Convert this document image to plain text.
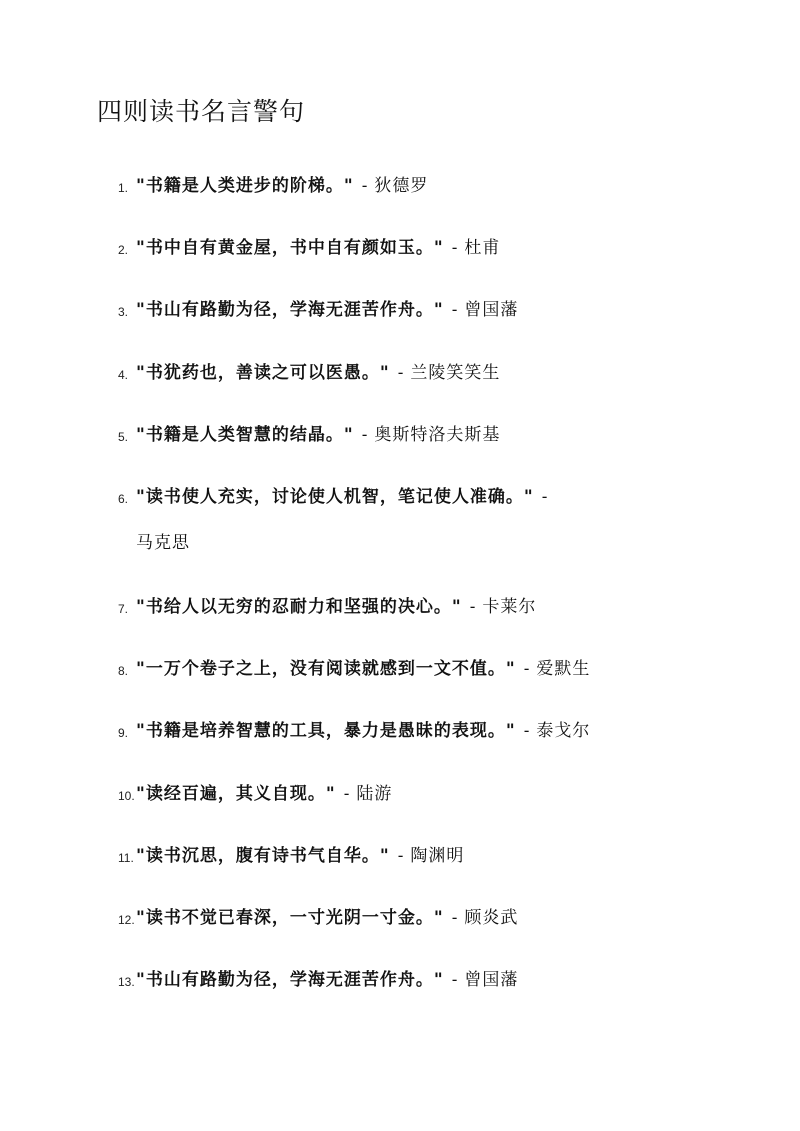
四则读书名言警句
1. "书籍是人类进步的阶梯。" - 狄德罗
2. "书中自有黄金屋，书中自有颜如玉。" - 杜甫
3. "书山有路勤为径，学海无涯苦作舟。" - 曾国藩
4. "书犹药也，善读之可以医愚。" - 兰陵笑笑生
5. "书籍是人类智慧的结晶。" - 奥斯特洛夫斯基
6. "读书使人充实，讨论使人机智，笔记使人准确。" -
马克思
7. "书给人以无穷的忍耐力和坚强的决心。" - 卡莱尔
8. "一万个卷子之上，没有阅读就感到一文不值。" - 爱默生
9. "书籍是培养智慧的工具，暴力是愚昧的表现。" - 泰戈尔
10. "读经百遍，其义自现。" - 陆游
11. "读书沉思，腹有诗书气自华。" - 陶渊明
12. "读书不觉已春深，一寸光阴一寸金。" - 顾炎武
13. "书山有路勤为径，学海无涯苦作舟。" - 曾国藩
